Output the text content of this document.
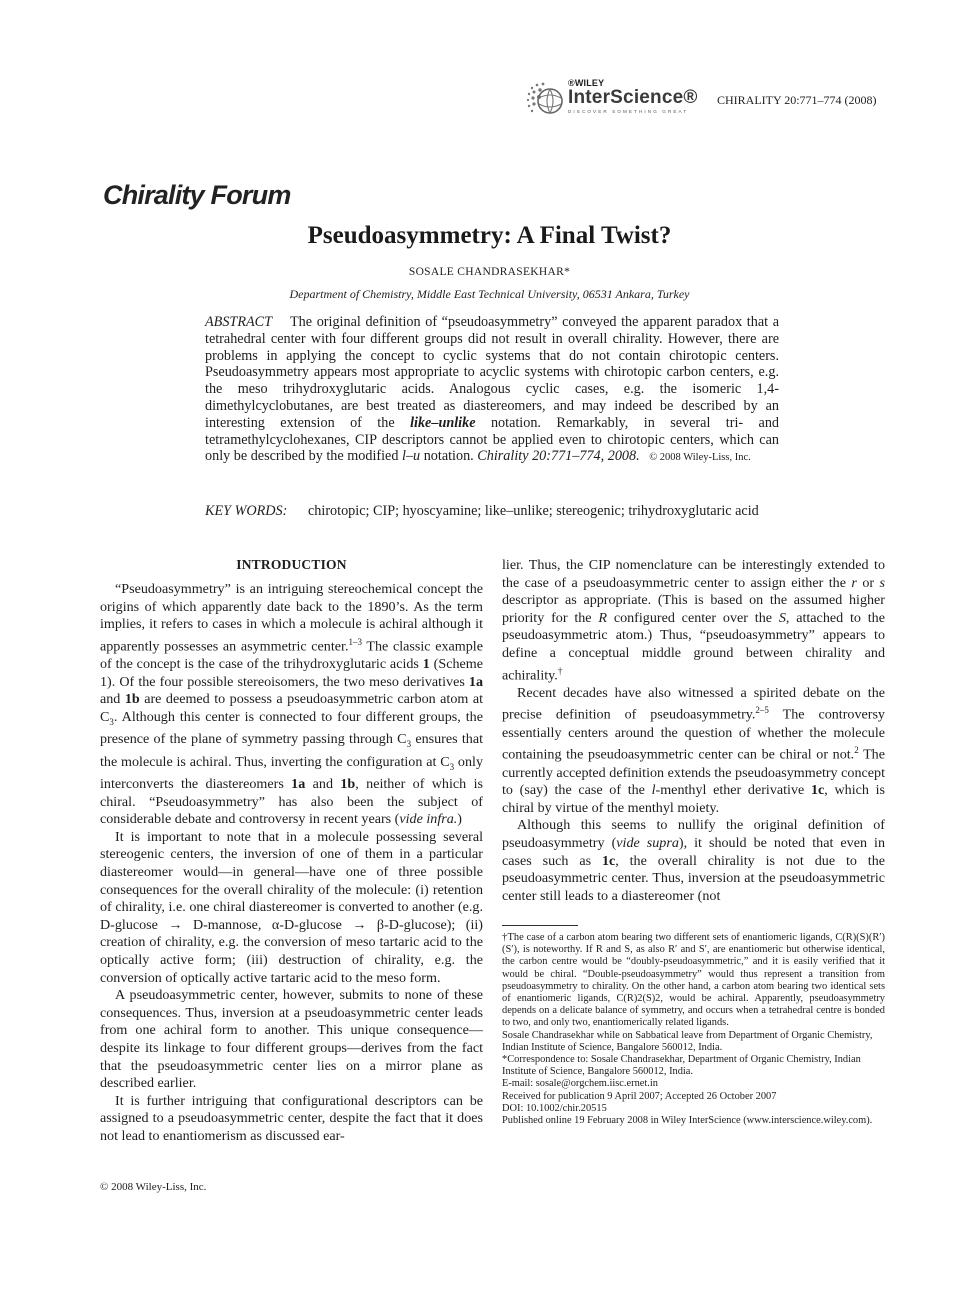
®WILEY
InterScience®
DISCOVER SOMETHING GREAT
CHIRALITY 20:771–774 (2008)
Chirality Forum
Pseudoasymmetry: A Final Twist?
SOSALE CHANDRASEKHAR*
Department of Chemistry, Middle East Technical University, 06531 Ankara, Turkey
ABSTRACT The original definition of “pseudoasymmetry” conveyed the apparent paradox that a tetrahedral center with four different groups did not result in overall chirality. However, there are problems in applying the concept to cyclic systems that do not contain chirotopic centers. Pseudoasymmetry appears most appropriate to acyclic systems with chirotopic carbon centers, e.g. the meso trihydroxyglutaric acids. Analogous cyclic cases, e.g. the isomeric 1,4-dimethylcyclobutanes, are best treated as diastereomers, and may indeed be described by an interesting extension of the like–unlike notation. Remarkably, in several tri- and tetramethylcyclohexanes, CIP descriptors cannot be applied even to chirotopic centers, which can only be described by the modified l–u notation. Chirality 20:771–774, 2008. © 2008 Wiley-Liss, Inc.
KEY WORDS: chirotopic; CIP; hyoscyamine; like–unlike; stereogenic; trihydroxyglutaric acid
INTRODUCTION

“Pseudoasymmetry” is an intriguing stereochemical concept the origins of which apparently date back to the 1890’s. As the term implies, it refers to cases in which a molecule is achiral although it apparently possesses an asymmetric center.$^{1-3}$ The classic example of the concept is the case of the trihydroxyglutaric acids 1 (Scheme 1). Of the four possible stereoisomers, the two meso derivatives 1a and 1b are deemed to possess a pseudoasymmetric carbon atom at $C_3$. Although this center is connected to four different groups, the presence of the plane of symmetry passing through $C_3$ ensures that the molecule is achiral. Thus, inverting the configuration at $C_3$ only interconverts the diastereomers 1a and 1b, neither of which is chiral. “Pseudoasymmetry” has also been the subject of considerable debate and controversy in recent years (vide infra.)

It is important to note that in a molecule possessing several stereogenic centers, the inversion of one of them in a particular diastereomer would—in general—have one of three possible consequences for the overall chirality of the molecule: (i) retention of chirality, i.e. one chiral diastereomer is converted to another (e.g. D-glucose → D-mannose, α-D-glucose → β-D-glucose); (ii) creation of chirality, e.g. the conversion of meso tartaric acid to the optically active form; (iii) destruction of chirality, e.g. the conversion of optically active tartaric acid to the meso form.

A pseudoasymmetric center, however, submits to none of these consequences. Thus, inversion at a pseudoasymmetric center leads from one achiral form to another. This unique consequence—despite its linkage to four different groups—derives from the fact that the pseudoasymmetric center lies on a mirror plane as described earlier.

It is further intriguing that configurational descriptors can be assigned to a pseudoasymmetric center, despite the fact that it does not lead to enantiomerism as discussed ear-

© 2008 Wiley-Liss, Inc.

lier. Thus, the CIP nomenclature can be interestingly extended to the case of a pseudoasymmetric center to assign either the r or s descriptor as appropriate. (This is based on the assumed higher priority for the R configured center over the S, attached to the pseudoasymmetric atom.) Thus, “pseudoasymmetry” appears to define a conceptual middle ground between chirality and achirality.†

Recent decades have also witnessed a spirited debate on the precise definition of pseudoasymmetry.$^{2-5}$ The controversy essentially centers around the question of whether the molecule containing the pseudoasymmetric center can be chiral or not.$^2$ The currently accepted definition extends the pseudoasymmetry concept to (say) the case of the l-menthyl ether derivative 1c, which is chiral by virtue of the menthyl moiety.

Although this seems to nullify the original definition of pseudoasymmetry (vide supra), it should be noted that even in cases such as 1c, the overall chirality is not due to the pseudoasymmetric center. Thus, inversion at the pseudoasymmetric center still leads to a diastereomer (not

†The case of a carbon atom bearing two different sets of enantiomeric ligands, C(R)(S)(R′)(S′), is noteworthy. If R and S, as also R′ and S′, are enantiomeric but otherwise identical, the carbon centre would be “doubly-pseudoasymmetric,” and it is easily verified that it would be chiral. “Double-pseudoasymmetry” would thus represent a transition from pseudoasymmetry to chirality. On the other hand, a carbon atom bearing two identical sets of enantiomeric ligands, C(R)2(S)2, would be achiral. Apparently, pseudoasymmetry depends on a delicate balance of symmetry, and occurs when a tetrahedral centre is bonded to two, and only two, enantiomerically related ligands.
Sosale Chandrasekhar while on Sabbatical leave from Department of Organic Chemistry, Indian Institute of Science, Bangalore 560012, India.
*Correspondence to: Sosale Chandrasekhar, Department of Organic Chemistry, Indian Institute of Science, Bangalore 560012, India.
E-mail: sosale@orgchem.iisc.ernet.in
Received for publication 9 April 2007; Accepted 26 October 2007
DOI: 10.1002/chir.20515
Published online 19 February 2008 in Wiley InterScience (www.interscience.wiley.com).
